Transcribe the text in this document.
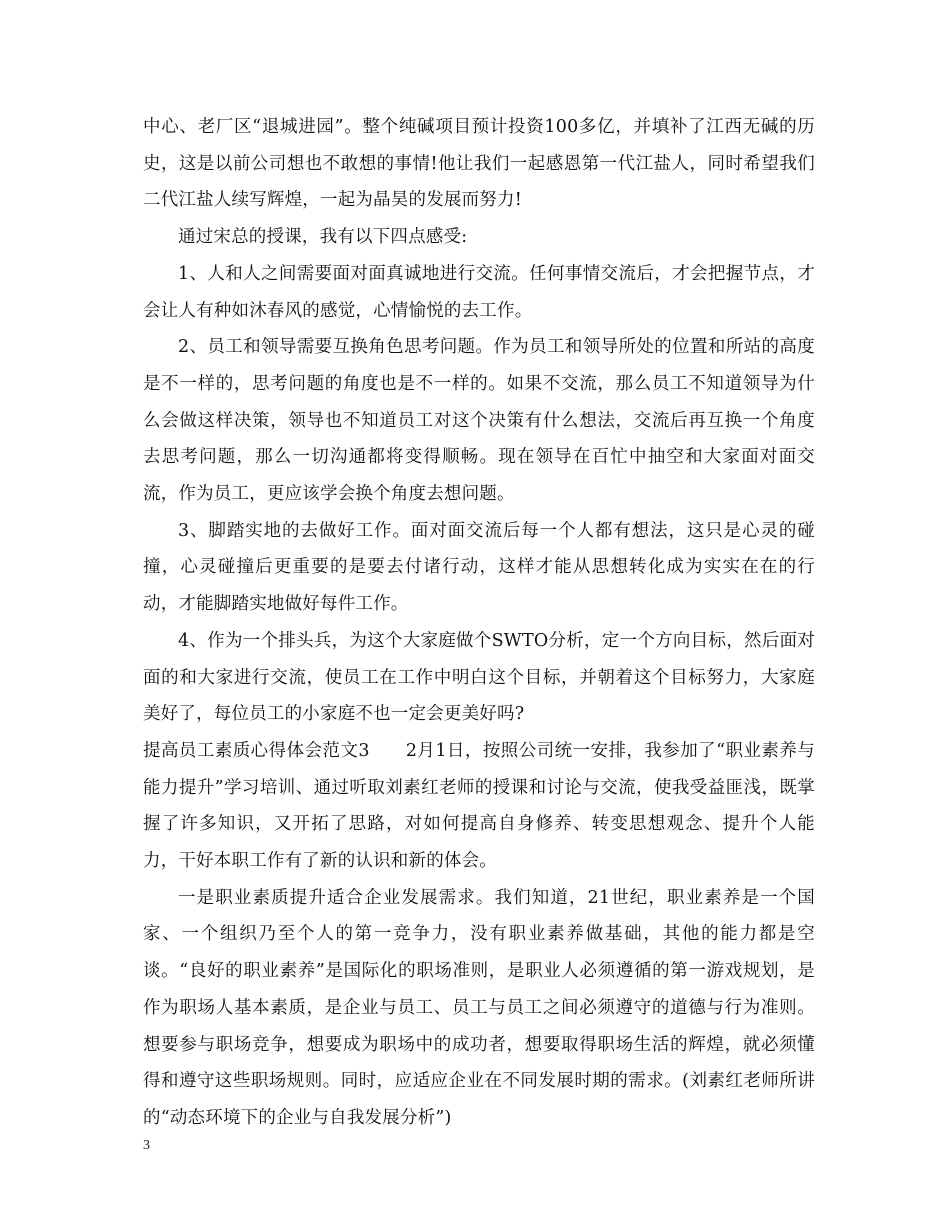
中心、老厂区“退城进园”。整个纯碱项目预计投资100多亿，并填补了江西无碱的历史，这是以前公司想也不敢想的事情!他让我们一起感恩第一代江盐人，同时希望我们二代江盐人续写辉煌，一起为晶昊的发展而努力!

通过宋总的授课，我有以下四点感受:

1、人和人之间需要面对面真诚地进行交流。任何事情交流后，才会把握节点，才会让人有种如沐春风的感觉，心情愉悦的去工作。

2、员工和领导需要互换角色思考问题。作为员工和领导所处的位置和所站的高度是不一样的，思考问题的角度也是不一样的。如果不交流，那么员工不知道领导为什么会做这样决策，领导也不知道员工对这个决策有什么想法，交流后再互换一个角度去思考问题，那么一切沟通都将变得顺畅。现在领导在百忙中抽空和大家面对面交流，作为员工，更应该学会换个角度去想问题。

3、脚踏实地的去做好工作。面对面交流后每一个人都有想法，这只是心灵的碰撞，心灵碰撞后更重要的是要去付诸行动，这样才能从思想转化成为实实在在的行动，才能脚踏实地做好每件工作。

4、作为一个排头兵，为这个大家庭做个SWTO分析，定一个方向目标，然后面对面的和大家进行交流，使员工在工作中明白这个目标，并朝着这个目标努力，大家庭美好了，每位员工的小家庭不也一定会更美好吗?

提高员工素质心得体会范文3　　2月1日，按照公司统一安排，我参加了“职业素养与能力提升”学习培训、通过听取刘素红老师的授课和讨论与交流，使我受益匪浅，既掌握了许多知识，又开拓了思路，对如何提高自身修养、转变思想观念、提升个人能力，干好本职工作有了新的认识和新的体会。

一是职业素质提升适合企业发展需求。我们知道，21世纪，职业素养是一个国家、一个组织乃至个人的第一竞争力，没有职业素养做基础，其他的能力都是空谈。“良好的职业素养”是国际化的职场准则，是职业人必须遵循的第一游戏规划，是作为职场人基本素质，是企业与员工、员工与员工之间必须遵守的道德与行为准则。想要参与职场竞争，想要成为职场中的成功者，想要取得职场生活的辉煌，就必须懂得和遵守这些职场规则。同时，应适应企业在不同发展时期的需求。(刘素红老师所讲的“动态环境下的企业与自我发展分析”)

3
